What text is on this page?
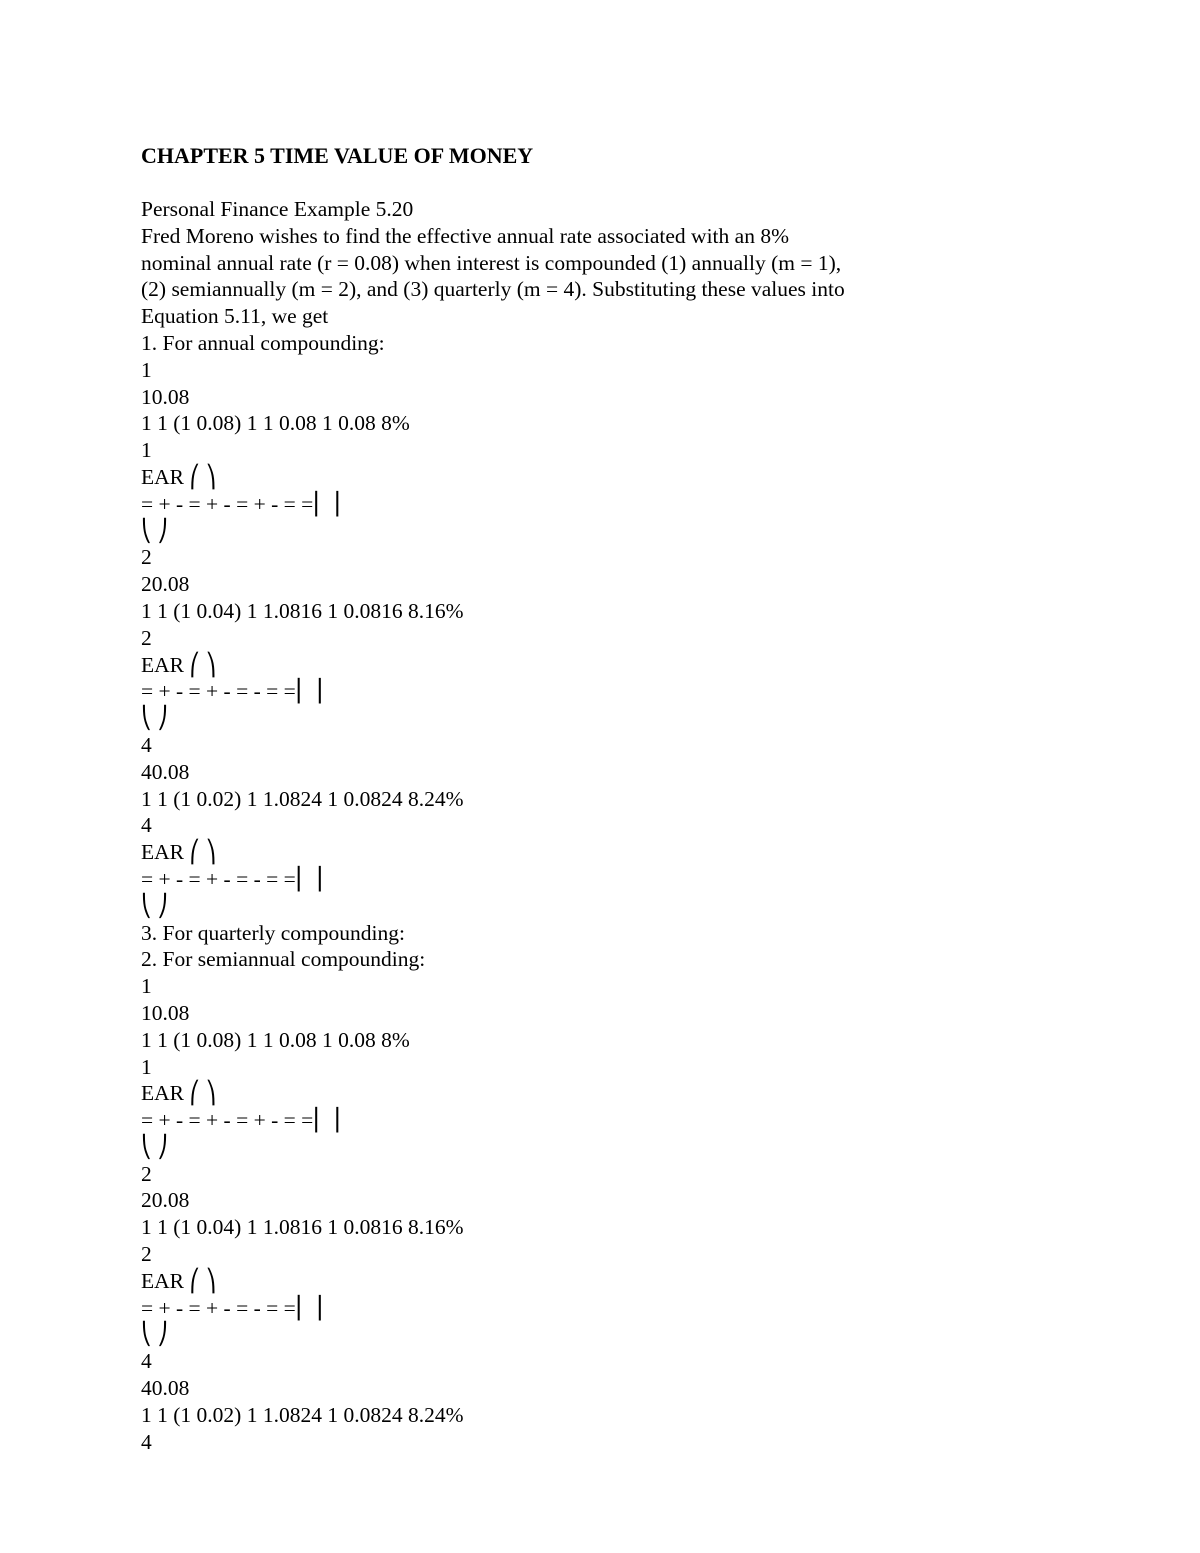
CHAPTER 5 TIME VALUE OF MONEY
Personal Finance Example 5.20
Fred Moreno wishes to find the effective annual rate associated with an 8%
nominal annual rate (r = 0.08) when interest is compounded (1) annually (m = 1),
(2) semiannually (m = 2), and (3) quarterly (m = 4). Substituting these values into
Equation 5.11, we get
1. For annual compounding:
1
10.08
1 1 (1 0.08) 1 1 0.08 1 0.08 8%
1
EAR ⎛ ⎞
= + - = + - = + - = =⎜ ⎟
⎝ ⎠
2
20.08
1 1 (1 0.04) 1 1.0816 1 0.0816 8.16%
2
EAR ⎛ ⎞
= + - = + - = - = =⎜ ⎟
⎝ ⎠
4
40.08
1 1 (1 0.02) 1 1.0824 1 0.0824 8.24%
4
EAR ⎛ ⎞
= + - = + - = - = =⎜ ⎟
⎝ ⎠
3. For quarterly compounding:
2. For semiannual compounding:
1
10.08
1 1 (1 0.08) 1 1 0.08 1 0.08 8%
1
EAR ⎛ ⎞
= + - = + - = + - = =⎜ ⎟
⎝ ⎠
2
20.08
1 1 (1 0.04) 1 1.0816 1 0.0816 8.16%
2
EAR ⎛ ⎞
= + - = + - = - = =⎜ ⎟
⎝ ⎠
4
40.08
1 1 (1 0.02) 1 1.0824 1 0.0824 8.24%
4
